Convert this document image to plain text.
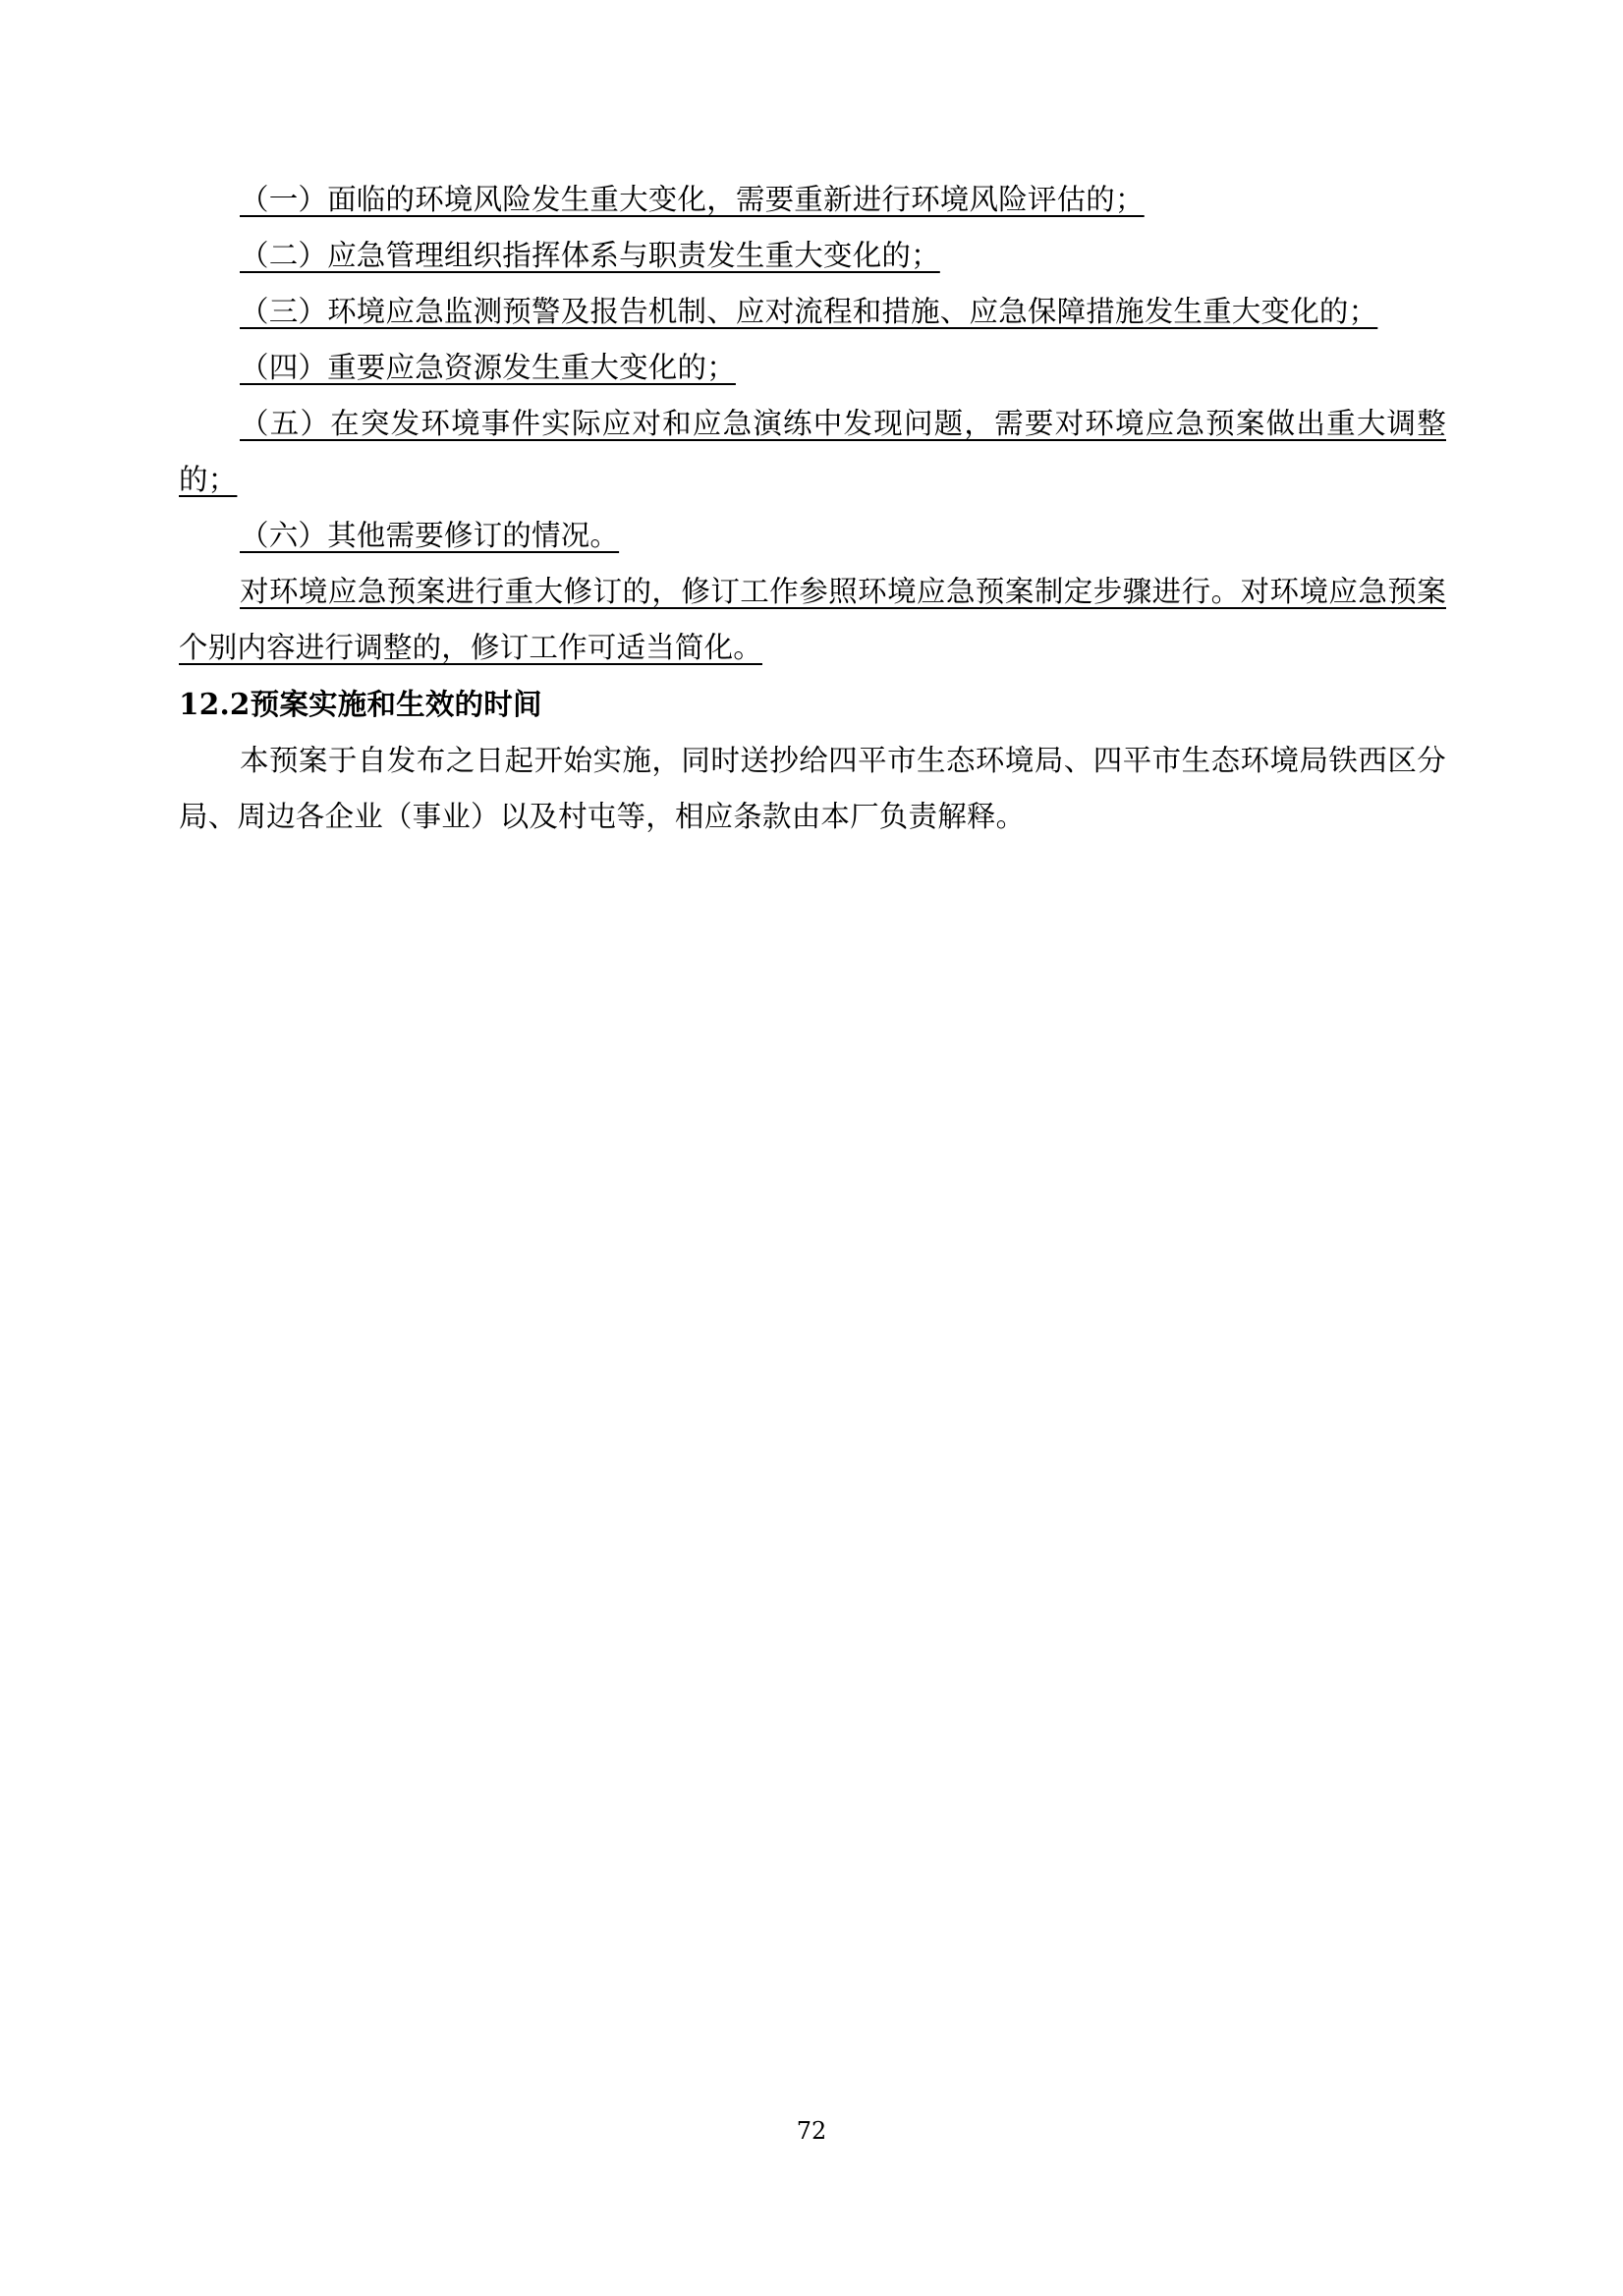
（一）面临的环境风险发生重大变化，需要重新进行环境风险评估的；

（二）应急管理组织指挥体系与职责发生重大变化的；

（三）环境应急监测预警及报告机制、应对流程和措施、应急保障措施发生重大变化的；

（四）重要应急资源发生重大变化的；

（五）在突发环境事件实际应对和应急演练中发现问题，需要对环境应急预案做出重大调整的；

（六）其他需要修订的情况。

对环境应急预案进行重大修订的，修订工作参照环境应急预案制定步骤进行。对环境应急预案个别内容进行调整的，修订工作可适当简化。

12.2预案实施和生效的时间

本预案于自发布之日起开始实施，同时送抄给四平市生态环境局、四平市生态环境局铁西区分局、周边各企业（事业）以及村屯等，相应条款由本厂负责解释。

72
